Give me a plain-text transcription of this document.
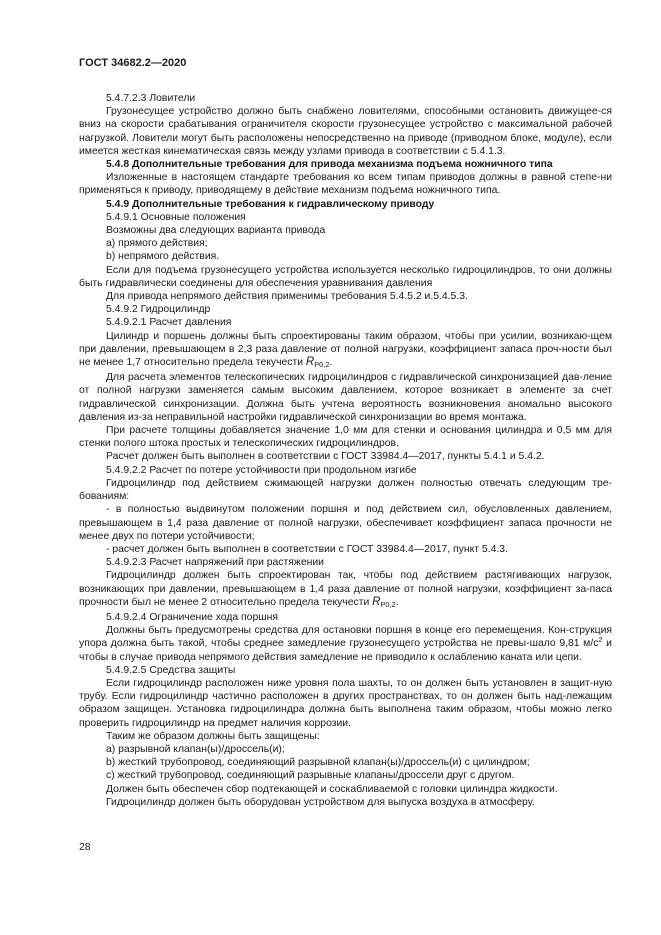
ГОСТ 34682.2—2020

5.4.7.2.3 Ловители

Грузонесущее устройство должно быть снабжено ловителями, способными остановить движущее-ся вниз на скорости срабатывания ограничителя скорости грузонесущее устройство с максимальной рабочей нагрузкой. Ловители могут быть расположены непосредственно на приводе (приводном блоке, модуле), если имеется жесткая кинематическая связь между узлами привода в соответствии с 5.4.1.3.

5.4.8 Дополнительные требования для привода механизма подъема ножничного типа

Изложенные в настоящем стандарте требования ко всем типам приводов должны в равной степе-ни применяться к приводу, приводящему в действие механизм подъема ножничного типа.

5.4.9 Дополнительные требования к гидравлическому приводу

5.4.9.1 Основные положения

Возможны два следующих варианта привода

а) прямого действия;

b) непрямого действия.

Если для подъема грузонесущего устройства используется несколько гидроцилиндров, то они должны быть гидравлически соединены для обеспечения уравнивания давления

Для привода непрямого действия применимы требования 5.4.5.2 и.5.4.5.3.

5.4.9.2 Гидроцилиндр

5.4.9.2.1 Расчет давления

Цилиндр и поршень должны быть спроектированы таким образом, чтобы при усилии, возникаю-щем при давлении, превышающем в 2,3 раза давление от полной нагрузки, коэффициент запаса проч-ности был не менее 1,7 относительно предела текучести $R_{P0,2}$.

Для расчета элементов телескопических гидроцилиндров с гидравлической синхронизацией дав-ление от полной нагрузки заменяется самым высоким давлением, которое возникает в элементе за счет гидравлической синхронизации. Должна быть учтена вероятность возникновения аномально высокого давления из-за неправильной настройки гидравлической синхронизации во время монтажа.

При расчете толщины добавляется значение 1,0 мм для стенки и основания цилиндра и 0,5 мм для стенки полого штока простых и телескопических гидроцилиндров.

Расчет должен быть выполнен в соответствии с ГОСТ 33984.4—2017, пункты 5.4.1 и 5.4.2.

5.4.9.2.2 Расчет по потере устойчивости при продольном изгибе

Гидроцилиндр под действием сжимающей нагрузки должен полностью отвечать следующим тре-бованиям:

- в полностью выдвинутом положении поршня и под действием сил, обусловленных давлением, превышающем в 1,4 раза давление от полной нагрузки, обеспечивает коэффициент запаса прочности не менее двух по потери устойчивости;

- расчет должен быть выполнен в соответствии с ГОСТ 33984.4—2017, пункт 5.4.3.

5.4.9.2.3 Расчет напряжений при растяжении

Гидроцилиндр должен быть спроектирован так, чтобы под действием растягивающих нагрузок, возникающих при давлении, превышающем в 1,4 раза давление от полной нагрузки, коэффициент за-паса прочности был не менее 2 относительно предела текучести $R_{P0,2}$.

5.4.9.2.4 Ограничение хода поршня

Должны быть предусмотрены средства для остановки поршня в конце его перемещения. Кон-струкция упора должна быть такой, чтобы среднее замедление грузонесущего устройства не превы-шало 9,81 $м/с^2$ и чтобы в случае привода непрямого действия замедление не приводило к ослаблению каната или цепи.

5.4.9.2.5 Средства защиты

Если гидроцилиндр расположен ниже уровня пола шахты, то он должен быть установлен в защит-ную трубу. Если гидроцилиндр частично расположен в других пространствах, то он должен быть над-лежащим образом защищен. Установка гидроцилиндра должна быть выполнена таким образом, чтобы можно легко проверить гидроцилиндр на предмет наличия коррозии.

Таким же образом должны быть защищены:

а) разрывной клапан(ы)/дроссель(и);

b) жесткий трубопровод, соединяющий разрывной клапан(ы)/дроссель(и) с цилиндром;

с) жесткий трубопровод, соединяющий разрывные клапаны/дроссели друг с другом.

Должен быть обеспечен сбор подтекающей и соскабливаемой с головки цилиндра жидкости.

Гидроцилиндр должен быть оборудован устройством для выпуска воздуха в атмосферу.

28
